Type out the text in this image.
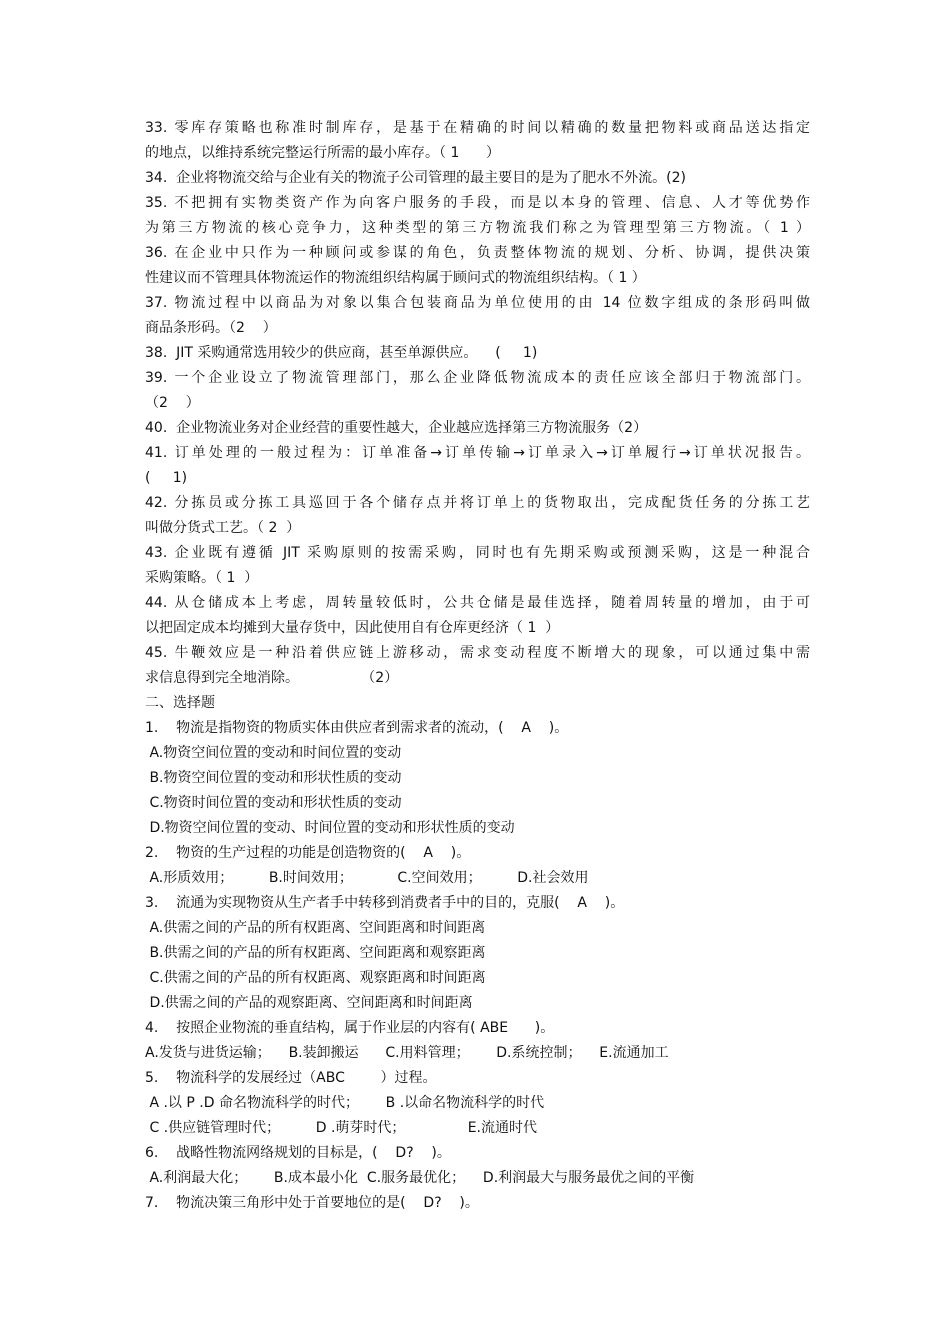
33. 零库存策略也称准时制库存，是基于在精确的时间以精确的数量把物料或商品送达指定
的地点，以维持系统完整运行所需的最小库存。（ 1      ）
34.  企业将物流交给与企业有关的物流子公司管理的最主要目的是为了肥水不外流。(2)
35. 不把拥有实物类资产作为向客户服务的手段，而是以本身的管理、信息、人才等优势作
为第三方物流的核心竞争力，这种类型的第三方物流我们称之为管理型第三方物流。（ 1 ）
36. 在企业中只作为一种顾问或参谋的角色，负责整体物流的规划、分析、协调，提供决策
性建议而不管理具体物流运作的物流组织结构属于顾问式的物流组织结构。（ 1 ）
37. 物流过程中以商品为对象以集合包装商品为单位使用的由 14 位数字组成的条形码叫做
商品条形码。（2    ）
38.  JIT 采购通常选用较少的供应商，甚至单源供应。    (     1)
39. 一个企业设立了物流管理部门，那么企业降低物流成本的责任应该全部归于物流部门。
（2    ）
40.  企业物流业务对企业经营的重要性越大，企业越应选择第三方物流服务（2）
41. 订单处理的一般过程为：订单准备→订单传输→订单录入→订单履行→订单状况报告。
(     1)
42. 分拣员或分拣工具巡回于各个储存点并将订单上的货物取出，完成配货任务的分拣工艺
叫做分货式工艺。（ 2  ）
43. 企业既有遵循 JIT 采购原则的按需采购，同时也有先期采购或预测采购，这是一种混合
采购策略。（ 1  ）
44. 从仓储成本上考虑，周转量较低时，公共仓储是最佳选择，随着周转量的增加，由于可
以把固定成本均摊到大量存货中，因此使用自有仓库更经济（ 1  ）
45. 牛鞭效应是一种沿着供应链上游移动，需求变动程度不断增大的现象，可以通过集中需
求信息得到完全地消除。              （2）
二、选择题
1.    物流是指物资的物质实体由供应者到需求者的流动，(    A    )。
A.物资空间位置的变动和时间位置的变动
B.物资空间位置的变动和形状性质的变动
C.物资时间位置的变动和形状性质的变动
D.物资空间位置的变动、时间位置的变动和形状性质的变动
2.    物资的生产过程的功能是创造物资的(    A    )。
A.形质效用；        B.时间效用；          C.空间效用；        D.社会效用
3.    流通为实现物资从生产者手中转移到消费者手中的目的，克服(    A    )。
A.供需之间的产品的所有权距离、空间距离和时间距离
B.供需之间的产品的所有权距离、空间距离和观察距离
C.供需之间的产品的所有权距离、观察距离和时间距离
D.供需之间的产品的观察距离、空间距离和时间距离
4.    按照企业物流的垂直结构，属于作业层的内容有( ABE      )。
A.发货与进货运输；    B.装卸搬运      C.用料管理；      D.系统控制；    E.流通加工
5.    物流科学的发展经过（ABC        ）过程。
A .以 P .D 命名物流科学的时代；      B .以命名物流科学的时代
C .供应链管理时代；        D .萌芽时代；              E.流通时代
6.    战略性物流网络规划的目标是，(    D?    )。
A.利润最大化；      B.成本最小化  C.服务最优化；    D.利润最大与服务最优之间的平衡
7.    物流决策三角形中处于首要地位的是(    D?    )。
